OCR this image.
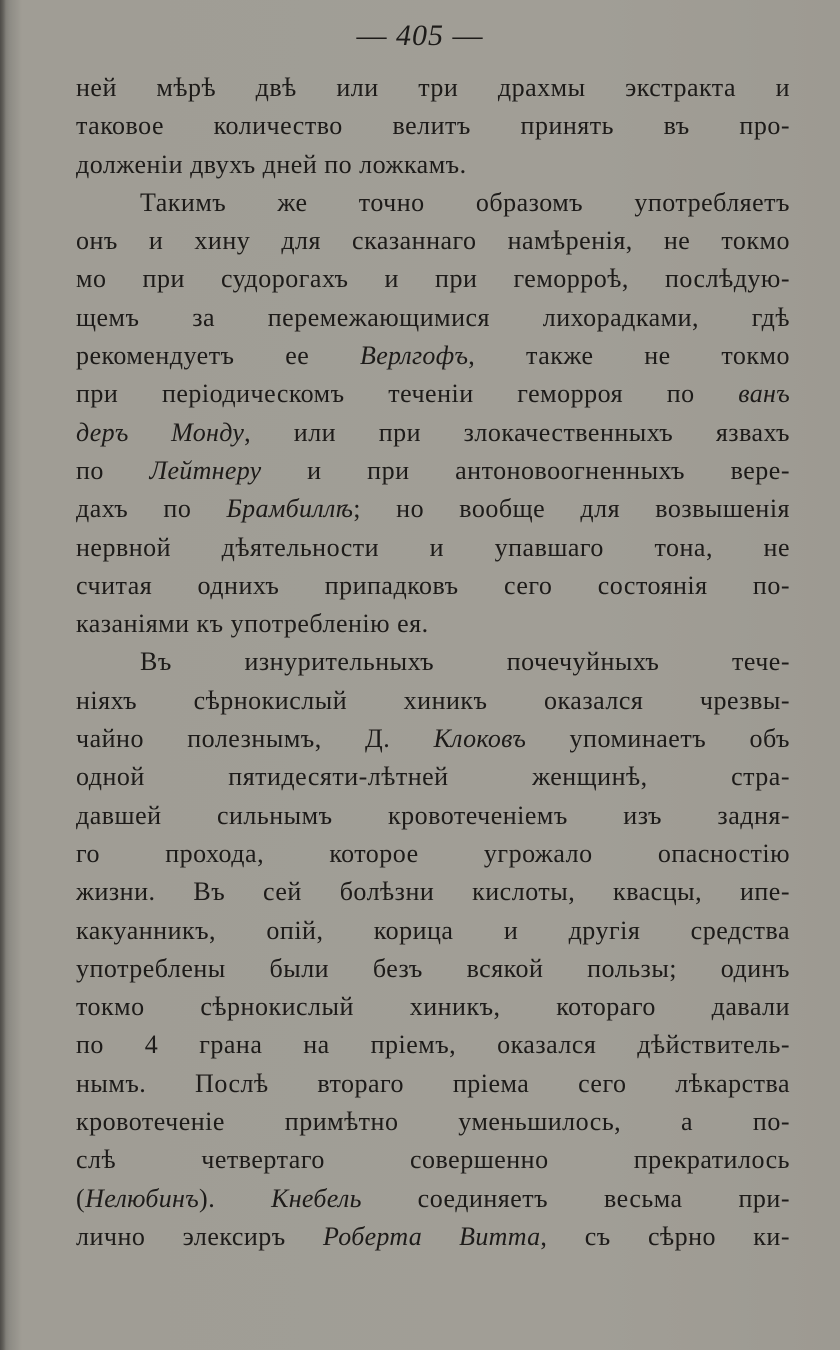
— 405 —
ней мѣрѣ двѣ или три драхмы экстракта и
таковое количество велитъ принять въ про-
долженіи двухъ дней по ложкамъ.
Такимъ же точно образомъ употребляетъ
онъ и хину для сказаннаго намѣренія, не токмо
мо при судорогахъ и при геморроѣ, послѣдую-
щемъ за перемежающимися лихорадками, гдѣ
рекомендуетъ ее Верлгофъ, также не токмо
при періодическомъ теченіи геморроя по ванъ
деръ Монду, или при злокачественныхъ язвахъ
по Лейтнеру и при антоновоогненныхъ вере-
дахъ по Брамбиллѣ; но вообще для возвышенія
нервной дѣятельности и упавшаго тона, не
считая однихъ припадковъ сего состоянія по-
казаніями къ употребленію ея.
Въ изнурительныхъ почечуйныхъ тече-
ніяхъ сѣрнокислый хиникъ оказался чрезвы-
чайно полезнымъ, Д. Клоковъ упоминаетъ объ
одной пятидесяти-лѣтней женщинѣ, стра-
давшей сильнымъ кровотеченіемъ изъ задня-
го прохода, которое угрожало опасностію
жизни. Въ сей болѣзни кислоты, квасцы, ипе-
какуанникъ, опій, корица и другія средства
употреблены были безъ всякой пользы; одинъ
токмо сѣрнокислый хиникъ, котораго давали
по 4 грана на пріемъ, оказался дѣйствитель-
нымъ. Послѣ втораго пріема сего лѣкарства
кровотеченіе примѣтно уменьшилось, а по-
слѣ четвертаго совершенно прекратилось
(Нелюбинъ). Кнебель соединяетъ весьма при-
лично элексиръ Роберта Витта, съ сѣрно ки-
